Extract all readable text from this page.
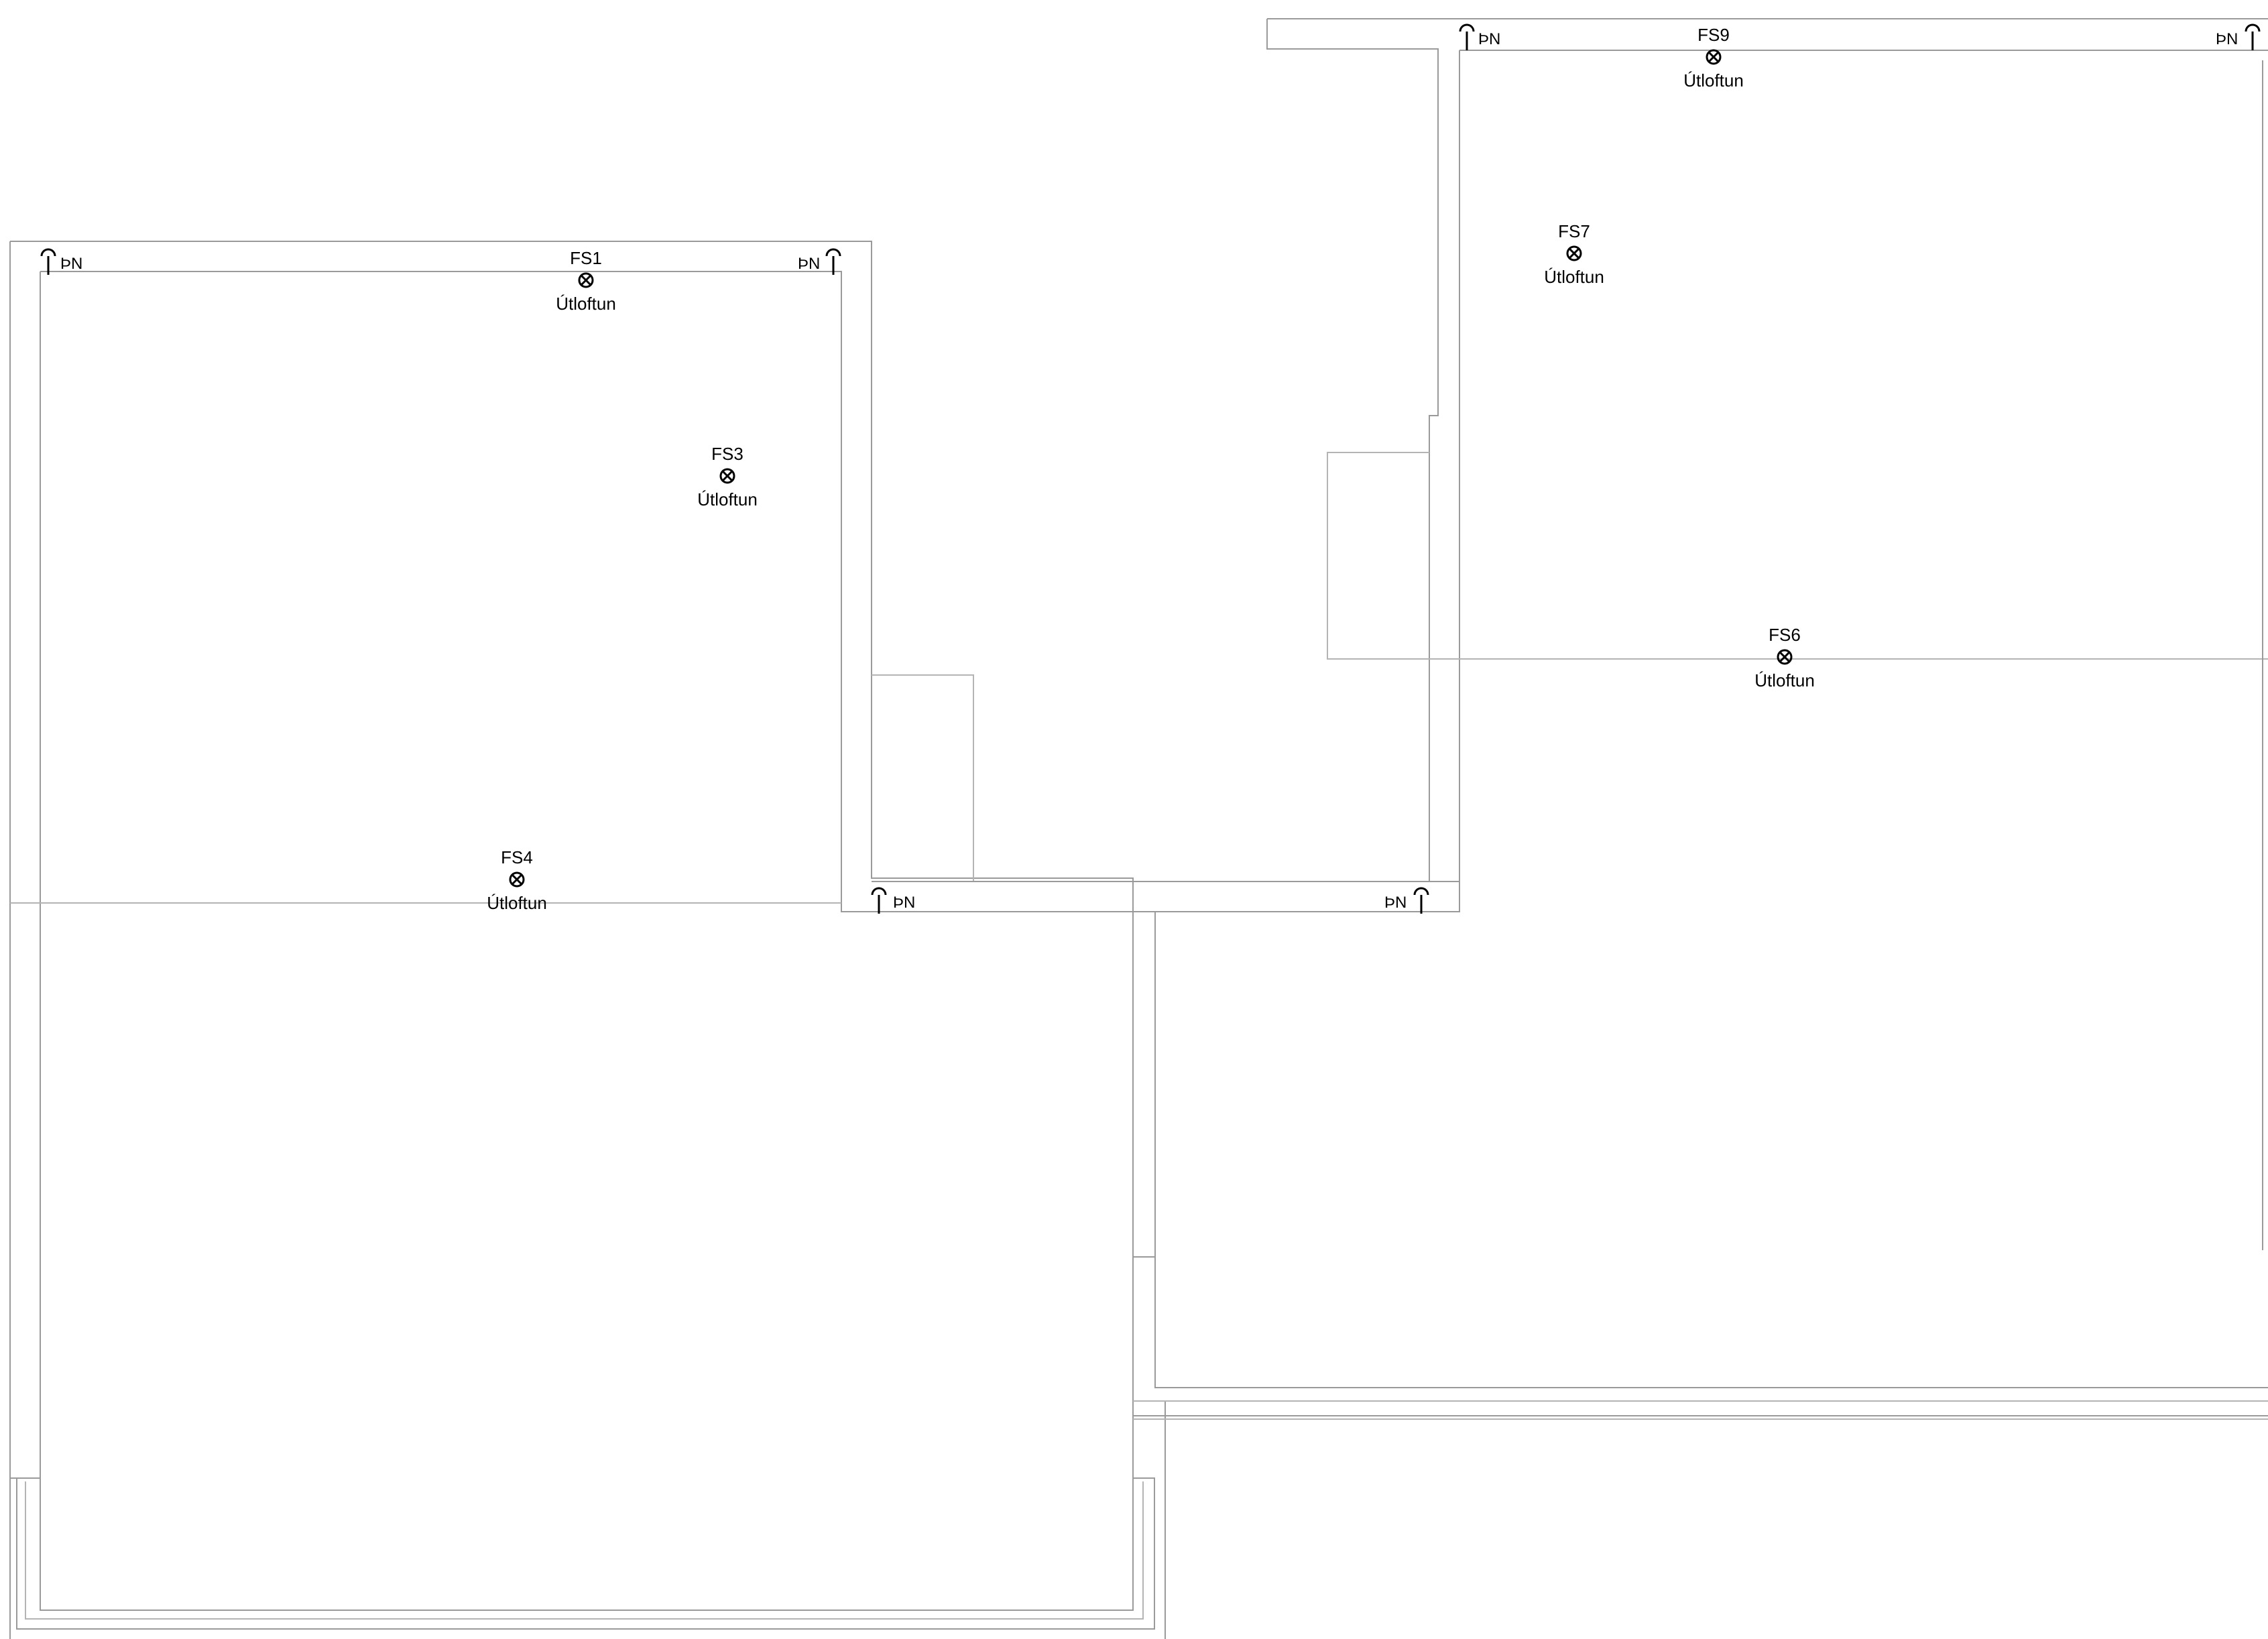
FS1
Útloftun
FS3
Útloftun
FS4
Útloftun
FS6
Útloftun
FS7
Útloftun
FS9
Útloftun
ÞN	ÞN
ÞN	ÞN
ÞN	ÞN
